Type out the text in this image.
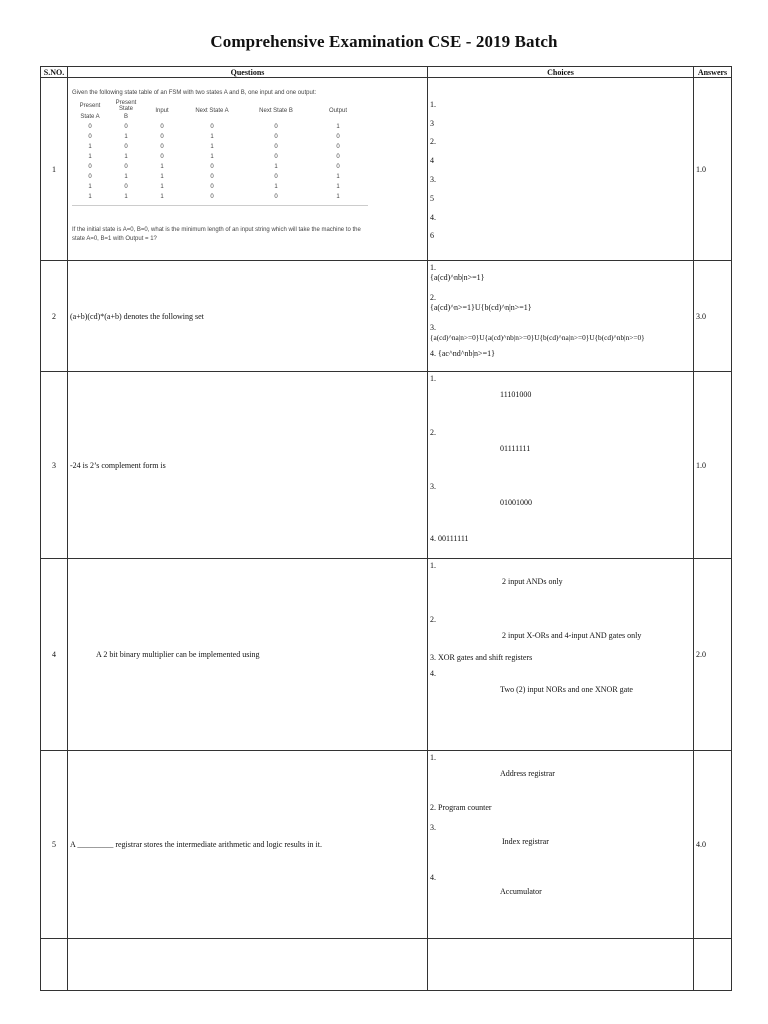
Comprehensive Examination CSE - 2019 Batch
S.NO.	Questions	Choices	Answers
1	
Given the following state table of an FSM with two states A and B, one input and one output:
Present	Present State	Input	Next State A	Next State B	Output
State A	B
0	0	0	0	0	1
0	1	0	1	0	0
1	0	0	1	0	0
1	1	0	1	0	0
0	0	1	0	1	0
0	1	1	0	0	1
1	0	1	0	1	1
1	1	1	0	0	1
If the initial state is A=0, B=0, what is the minimum length of an input string which will take the machine to the state A=0, B=1 with Output = 1?

1.
3
2.
4
3.
5
4.
6
	1.0
2	(a+b)(cd)*(a+b) denotes the following set	
1.
{a(cd)^nb|n>=1}
2.
{a(cd)^n>=1}U{b(cd)^n|n>=1}
3.
{a(cd)^na|n>=0}U{a(cd)^nb|n>=0}U{b(cd)^na|n>=0}U{b(cd)^nb|n>=0}
4. {ac^nd^nb|n>=1}
	3.0
3	-24 is 2’s complement form is	
1.
11101000
2.
01111111
3.
01001000
4. 00111111
	1.0
4	A 2 bit binary multiplier can be implemented using	
1.
2 input ANDs only
2.
2 input X-ORs and 4-input AND gates only
3. XOR gates and shift registers
4.
Two (2) input NORs and one XNOR gate
	2.0
5	A _________ registrar stores the intermediate arithmetic and logic results in it.	
1.
Address registrar
2. Program counter
3.
Index registrar
4.
Accumulator
	4.0
